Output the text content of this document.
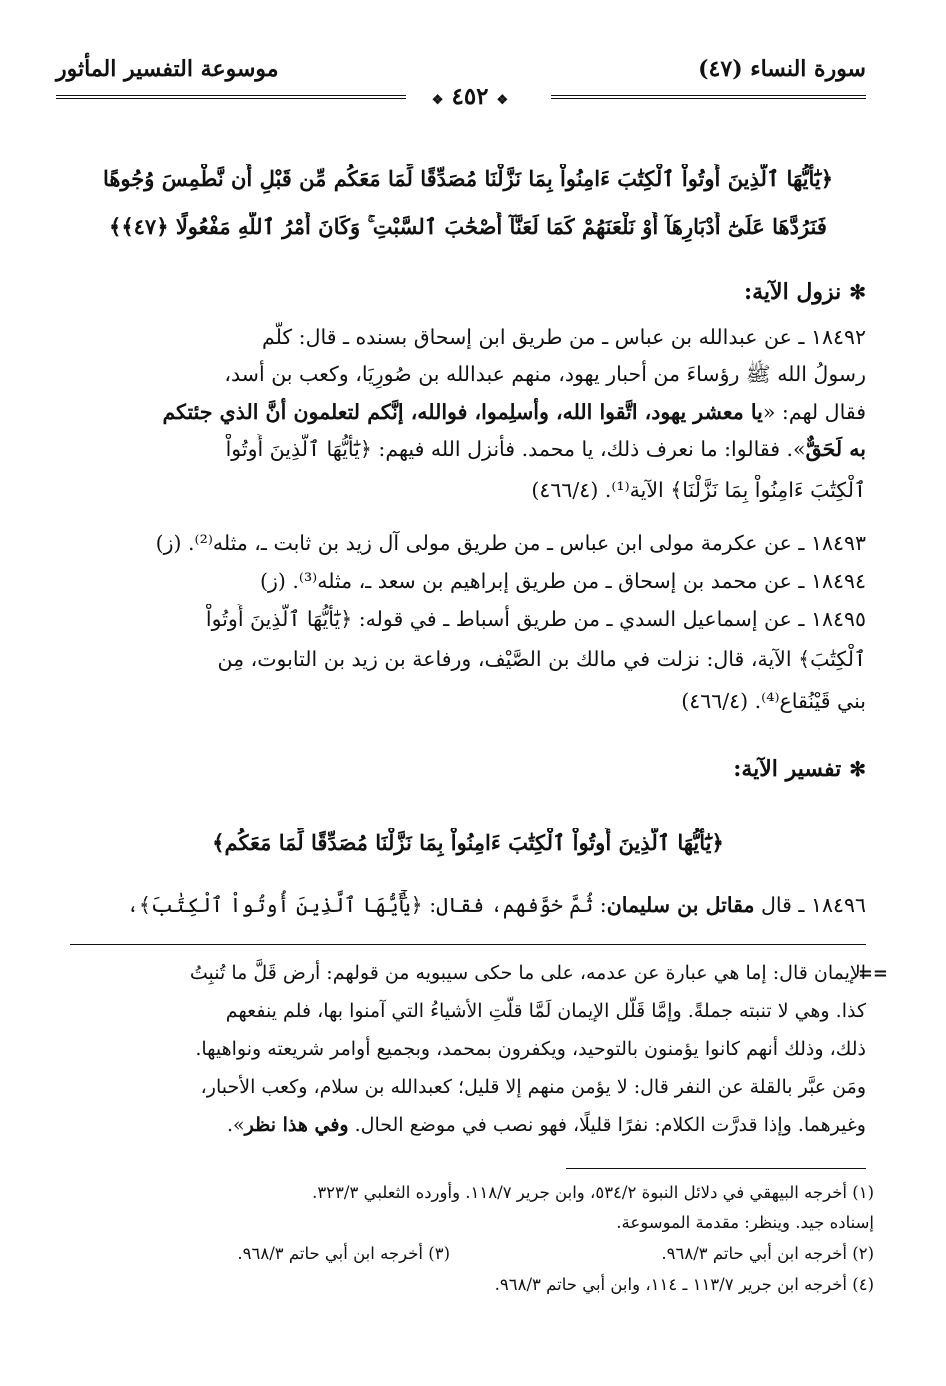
سورة النساء (٤٧)
موسوعة التفسير المأثور
❖ ٤٥٢ ❖
﴿يَٰٓأَيُّهَا ٱلَّذِينَ أُوتُواْ ٱلْكِتَٰبَ ءَامِنُواْ بِمَا نَزَّلْنَا مُصَدِّقًا لِّمَا مَعَكُم مِّن قَبْلِ أَن نَّطْمِسَ وُجُوهًا
فَنَرُدَّهَا عَلَىٰٓ أَدْبَارِهَآ أَوْ نَلْعَنَهُمْ كَمَا لَعَنَّآ أَصْحَٰبَ ٱلسَّبْتِ ۚ وَكَانَ أَمْرُ ٱللَّهِ مَفْعُولًا ﴿٤٧﴾﴾
✻نزول الآية:
١٨٤٩٢ ـ عن عبدالله بن عباس ـ من طريق ابن إسحاق بسنده ـ قال: كلَّم
رسولُ الله ﷺ رؤساءَ من أحبار يهود، منهم عبدالله بن صُورِيَا، وكعب بن أسد،
فقال لهم: «يا معشر يهود، اتَّقوا الله، وأسلِموا، فوالله، إنَّكم لتعلمون أنَّ الذي جئتكم
به لَحَقٌّ». فقالوا: ما نعرف ذلك، يا محمد. فأنزل الله فيهم: ﴿يَٰٓأَيُّهَا ٱلَّذِينَ أُوتُواْ
ٱلْكِتَٰبَ ءَامِنُواْ بِمَا نَزَّلْنَا﴾ الآية⁽¹⁾. (٤٦٦/٤)
١٨٤٩٣ ـ عن عكرمة مولى ابن عباس ـ من طريق مولى آل زيد بن ثابت ـ، مثله⁽²⁾. (ز)
١٨٤٩٤ ـ عن محمد بن إسحاق ـ من طريق إبراهيم بن سعد ـ، مثله⁽³⁾. (ز)
١٨٤٩٥ ـ عن إسماعيل السدي ـ من طريق أسباط ـ في قوله: ﴿يَٰٓأَيُّهَا ٱلَّذِينَ أُوتُواْ
ٱلْكِتَٰبَ﴾ الآية، قال: نزلت في مالك بن الصَّيْف، ورفاعة بن زيد بن التابوت، مِن
بني قَيْنُقاع⁽⁴⁾. (٤٦٦/٤)
✻تفسير الآية:
﴿يَٰٓأَيُّهَا ٱلَّذِينَ أُوتُواْ ٱلْكِتَٰبَ ءَامِنُواْ بِمَا نَزَّلْنَا مُصَدِّقًا لِّمَا مَعَكُم﴾
١٨٤٩٦ ـ قال مقاتل بن سليمان: ثُمَّ خوَّفهم، فقال: ﴿يَٰٓأَيُّهَا ٱلَّذِينَ أُوتُواْ ٱلْكِتَٰبَ﴾،
==
الإيمان قال: إما هي عبارة عن عدمه، على ما حكى سيبويه من قولهم: أرض قَلَّ ما تُنبِتُ
كذا. وهي لا تنبته جملةً. وإمَّا قَلَّل الإيمان لَمَّا قلَّتِ الأشياءُ التي آمنوا بها، فلم ينفعهم
ذلك، وذلك أنهم كانوا يؤمنون بالتوحيد، ويكفرون بمحمد، وبجميع أوامر شريعته ونواهيها.
ومَن عبَّر بالقلة عن النفر قال: لا يؤمن منهم إلا قليل؛ كعبدالله بن سلام، وكعب الأحبار،
وغيرهما. وإذا قدرَّت الكلام: نفرًا قليلًا، فهو نصب في موضع الحال. وفي هذا نظر».
(١) أخرجه البيهقي في دلائل النبوة ٥٣٤/٢، وابن جرير ١١٨/٧. وأورده الثعلبي ٣٢٣/٣.
إسناده جيد. وينظر: مقدمة الموسوعة.
(٢) أخرجه ابن أبي حاتم ٩٦٨/٣.
(٣) أخرجه ابن أبي حاتم ٩٦٨/٣.
(٤) أخرجه ابن جرير ١١٣/٧ ـ ١١٤، وابن أبي حاتم ٩٦٨/٣.
